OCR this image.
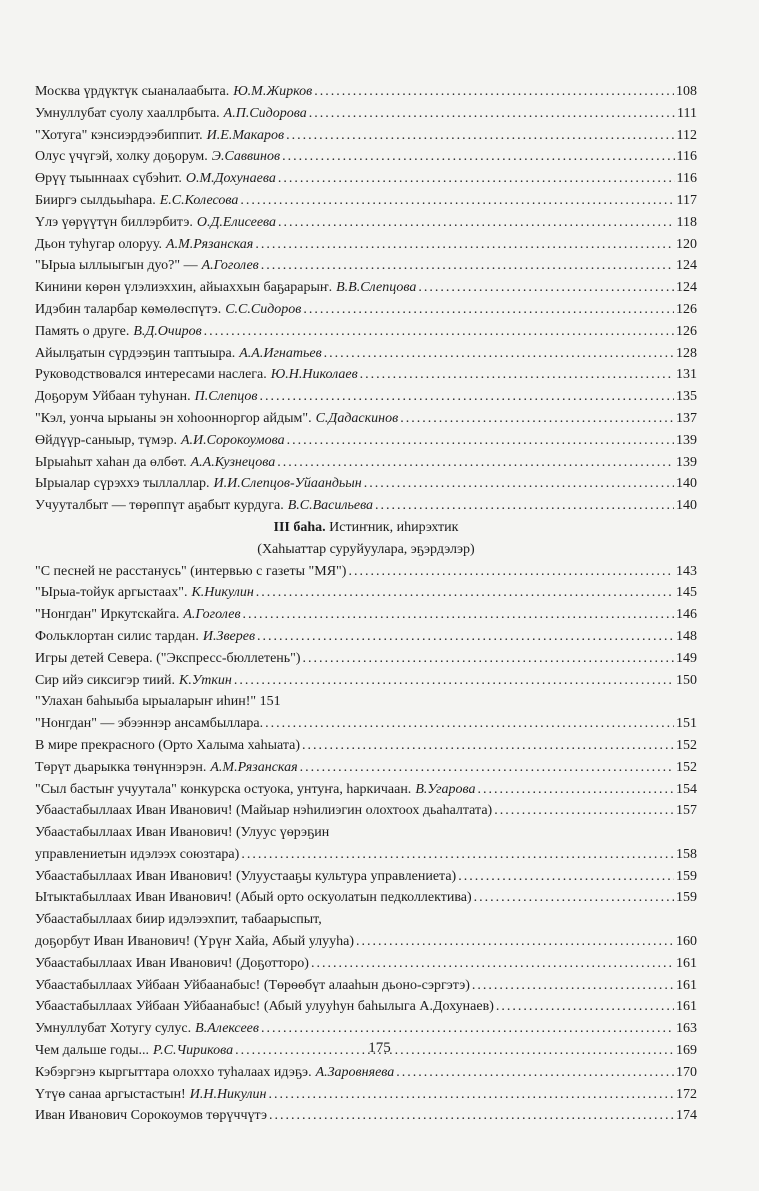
Москва үрдүктүк сыаналаабыта. Ю.М.Жирков . . .	108
Умнуллубат суолу хааллрбыта. А.П.Сидорова . . .	111
"Хотуга" кэнсиэрдээбиппит. И.Е.Макаров . . .	112
Олус үчүгэй, холку доҕорум. Э.Саввинов . . .	116
Өрүү тыыннаах сүбэһит. О.М.Дохунаева . . .	116
Бииргэ сылдьыһара. Е.С.Колесова . . .	117
Үлэ үөрүүтүн биллэрбитэ. О.Д.Елисеева . . .	118
Дьон туһугар олоруу. А.М.Рязанская . . .	120
"Ырыа ыллыыгын дуо?" — А.Гоголев . . .	124
Кинини көрөн үлэлиэххин, айыаххын баҕарарыҥ. В.В.Слепцова . . .	124
Идэбин таларбар көмөлөспүтэ. С.С.Сидоров . . .	126
Память о друге. В.Д.Очиров . . .	126
Айылҕатын сүрдээҕин таптыыра. А.А.Игнатьев . . .	128
Руководствовался интересами наслега. Ю.Н.Николаев . . .	131
Доҕорум Уйбаан туһунан. П.Слепцов . . .	135
"Кэл, уонча ырыаны эн хоһоонноргор айдым". С.Дадаскинов . . .	137
Өйдүүр-саныыр, түмэр. А.И.Сорокоумова . . .	139
Ырыаһыт хаһан да өлбөт. А.А.Кузнецова . . .	139
Ырыалар сүрэххэ тыллаллар. И.И.Слепцов-Уйаандьын . . .	140
Учууталбыт — төрөппүт аҕабыт курдуга. В.С.Васильева . . .	140
III баһа. Истиҥник, иһирэхтик
(Хаһыаттар суруйуулара, эҕэрдэлэр)
"С песней не расстанусь" (интервью с газеты "МЯ") . . .	143
"Ырыа-тойук аргыстаах". К.Никулин . . .	145
"Нонгдан" Иркутскайга. А.Гоголев . . .	146
Фольклортан силис тардан. И.Зверев . . .	148
Игры детей Севера. ("Экспресс-бюллетень") . . .	149
Сир ийэ сиксигэр тиий. К.Уткин . . .	150
"Улахан баһыыба ырыаларыҥ иһин!" 151
"Нонгдан" — эбээннэр ансамбыллара. . . .	151
В мире прекрасного (Орто Халыма хаһыата) . . .	152
Төрүт дьарыкка төнүннэрэн. А.М.Рязанская . . .	152
"Сыл бастыҥ учуутала" конкурска остуока, унтуҥа, һаркичаан. В.Угарова . . .	154
Убаастабыллаах Иван Иванович! (Майыар нэһилиэгин олохтоох дьаһалтата) . . .	157
Убаастабыллаах Иван Иванович! (Улуус үөрэҕин
управлениетын идэлээх союзтара) . . .	158
Убаастабыллаах Иван Иванович! (Улуустааҕы культура управлениета) . . .	159
Ытыктабыллаах Иван Иванович! (Абый орто оскуолатын педколлектива) . . .	159
Убаастабыллаах биир идэлээхпит, табаарыспыт,
доҕорбут Иван Иванович! (Үрүҥ Хайа, Абый улууһа) . . .	160
Убаастабыллаах Иван Иванович! (Доҕотторо) . . .	161
Убаастабыллаах Уйбаан Уйбаанабыс! (Төрөөбүт алааһын дьоно-сэргэтэ) . . .	161
Убаастабыллаах Уйбаан Уйбаанабыс! (Абый улууһун баһылыга А.Дохунаев) . . .	161
Умнуллубат Хотугу сулус. В.Алексеев . . .	163
Чем дальше годы... Р.С.Чирикова . . .	169
Кэбэргэнэ кыргыттара олохxо туһалаах идэҕэ. А.Заровняева . . .	170
Үтүө санаа аргыстастын! И.Н.Никулин . . .	172
Иван Иванович Сорокоумов төрүччүтэ . . .	174
175
